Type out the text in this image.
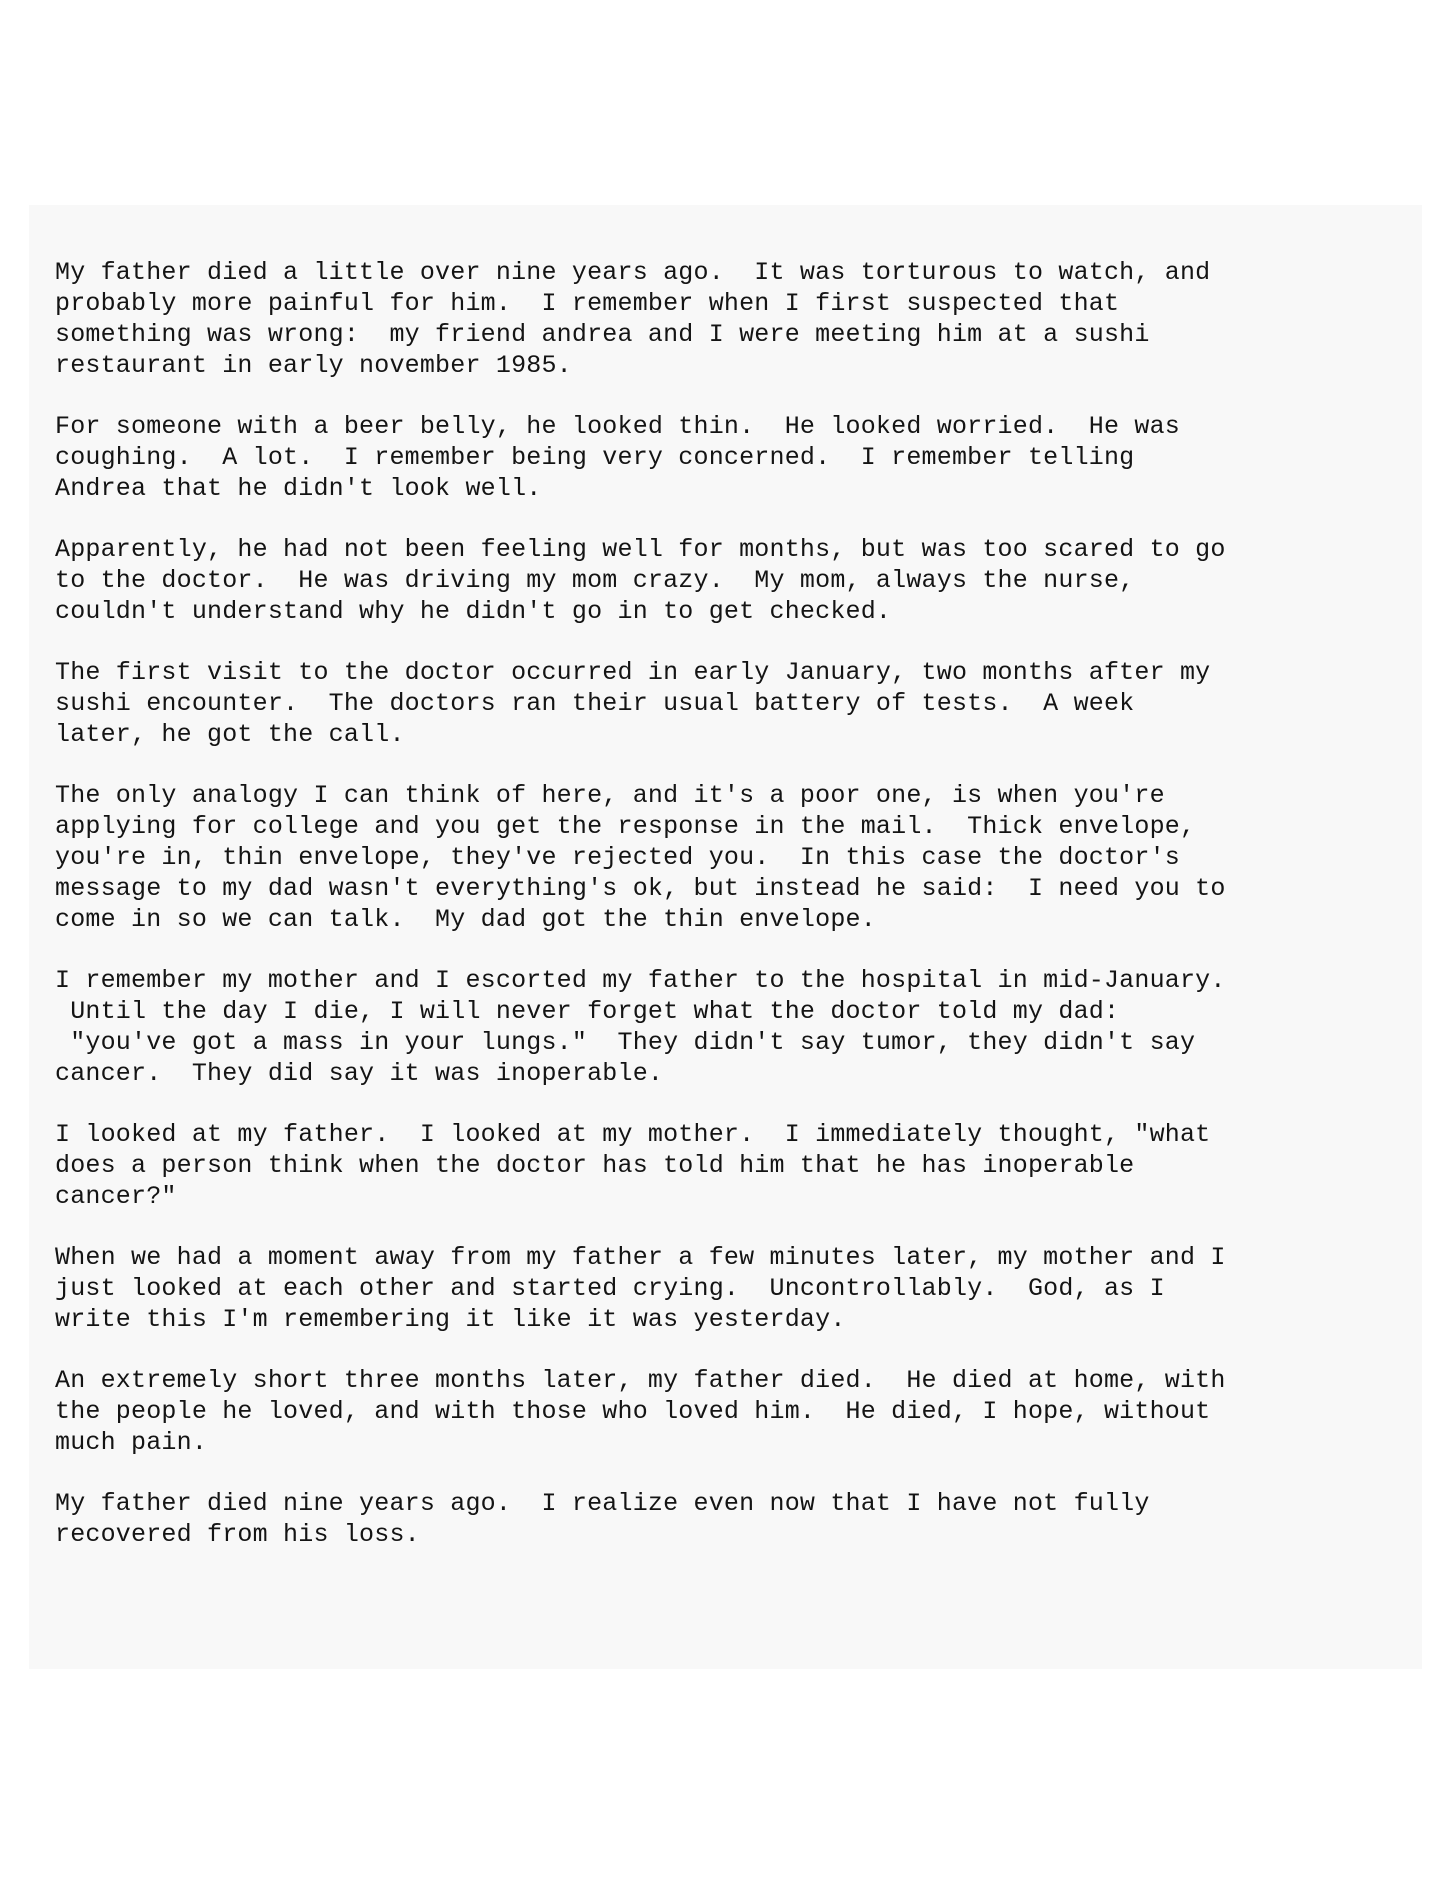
My father died a little over nine years ago.  It was torturous to watch, and
probably more painful for him.  I remember when I first suspected that
something was wrong:  my friend andrea and I were meeting him at a sushi
restaurant in early november 1985.
For someone with a beer belly, he looked thin.  He looked worried.  He was
coughing.  A lot.  I remember being very concerned.  I remember telling
Andrea that he didn't look well.
Apparently, he had not been feeling well for months, but was too scared to go
to the doctor.  He was driving my mom crazy.  My mom, always the nurse,
couldn't understand why he didn't go in to get checked.
The first visit to the doctor occurred in early January, two months after my
sushi encounter.  The doctors ran their usual battery of tests.  A week
later, he got the call.
The only analogy I can think of here, and it's a poor one, is when you're
applying for college and you get the response in the mail.  Thick envelope,
you're in, thin envelope, they've rejected you.  In this case the doctor's
message to my dad wasn't everything's ok, but instead he said:  I need you to
come in so we can talk.  My dad got the thin envelope.
I remember my mother and I escorted my father to the hospital in mid-January.
Until the day I die, I will never forget what the doctor told my dad:
"you've got a mass in your lungs."  They didn't say tumor, they didn't say
cancer.  They did say it was inoperable.
I looked at my father.  I looked at my mother.  I immediately thought, "what
does a person think when the doctor has told him that he has inoperable
cancer?"
When we had a moment away from my father a few minutes later, my mother and I
just looked at each other and started crying.  Uncontrollably.  God, as I
write this I'm remembering it like it was yesterday.
An extremely short three months later, my father died.  He died at home, with
the people he loved, and with those who loved him.  He died, I hope, without
much pain.
My father died nine years ago.  I realize even now that I have not fully
recovered from his loss.
